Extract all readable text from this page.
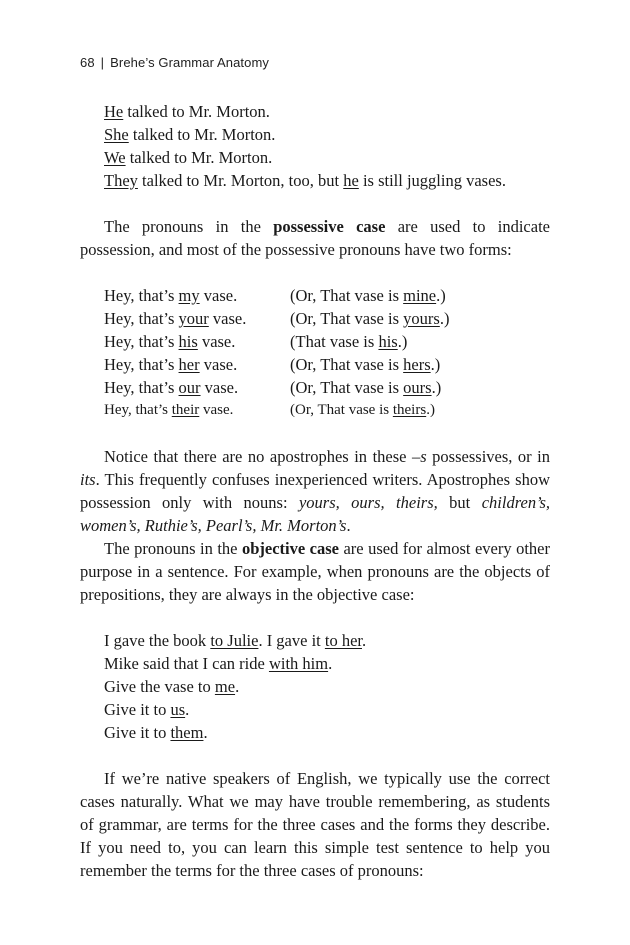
68 | Brehe’s Grammar Anatomy
He talked to Mr. Morton.
She talked to Mr. Morton.
We talked to Mr. Morton.
They talked to Mr. Morton, too, but he is still juggling vases.

The pronouns in the possessive case are used to indicate possession, and most of the possessive pronouns have two forms:

Hey, that’s my vase.	(Or, That vase is mine.)
Hey, that’s your vase.	(Or, That vase is yours.)
Hey, that’s his vase.	(That vase is his.)
Hey, that’s her vase.	(Or, That vase is hers.)
Hey, that’s our vase.	(Or, That vase is ours.)
Hey, that’s their vase.	(Or, That vase is theirs.)

Notice that there are no apostrophes in these –s possessives, or in its. This frequently confuses inexperienced writers. Apostrophes show possession only with nouns: yours, ours, theirs, but children’s, women’s, Ruthie’s, Pearl’s, Mr. Morton’s.

The pronouns in the objective case are used for almost every other purpose in a sentence. For example, when pronouns are the objects of prepositions, they are always in the objective case:

I gave the book to Julie. I gave it to her.
Mike said that I can ride with him.
Give the vase to me.
Give it to us.
Give it to them.

If we’re native speakers of English, we typically use the correct cases naturally. What we may have trouble remembering, as students of grammar, are terms for the three cases and the forms they describe. If you need to, you can learn this simple test sentence to help you remember the terms for the three cases of pronouns:
